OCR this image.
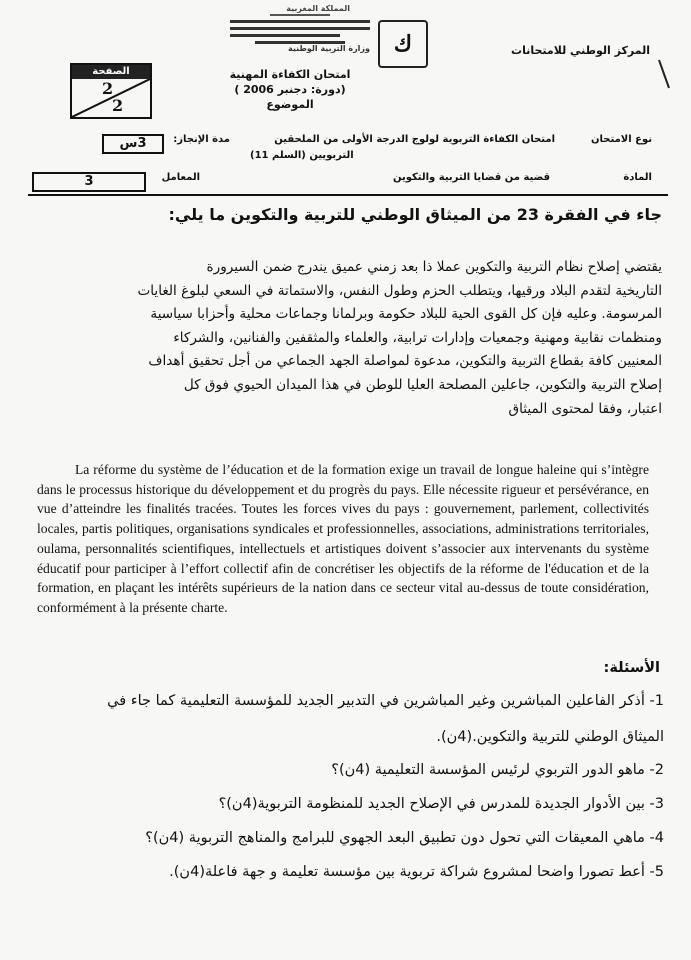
المملكة المغربية
وزارة التربية الوطنية ك	المركز الوطني للامتحانات
امتحان الكفاءة المهنية
(دورة: دجنبر 2006 )
الموضوع
الصفحة
2
2
نوع الامتحان
امتحان الكفاءة التربوية لولوج الدرجة الأولى من الملحقين
التربويين (السلم 11)
مدة الإنجاز:
3س
المادة
قضية من قضايا التربية والتكوين
المعامل
3
جاء في الفقرة 23 من الميثاق الوطني للتربية والتكوين ما يلي:
يقتضي إصلاح نظام التربية والتكوين عملا ذا بعد زمني عميق يندرج ضمن السيرورة
التاريخية لتقدم البلاد ورقيها، ويتطلب الحزم وطول النفس، والاستماتة في السعي لبلوغ الغايات
المرسومة. وعليه فإن كل القوى الحية للبلاد حكومة وبرلمانا وجماعات محلية وأحزابا سياسية
ومنظمات نقابية ومهنية وجمعيات وإدارات ترابية، والعلماء والمثقفين والفنانين، والشركاء
المعنيين كافة بقطاع التربية والتكوين، مدعوة لمواصلة الجهد الجماعي من أجل تحقيق أهداف
إصلاح التربية والتكوين، جاعلين المصلحة العليا للوطن في هذا الميدان الحيوي فوق كل
اعتبار، وفقا لمحتوى الميثاق
La réforme du système de l’éducation et de la formation exige un travail de longue haleine qui s’intègre dans le processus historique du développement et du progrès du pays. Elle nécessite rigueur et persévérance, en vue d’atteindre les finalités tracées. Toutes les forces vives du pays : gouvernement, parlement, collectivités locales, partis politiques, organisations syndicales et professionnelles, associations, administrations territoriales, oulama, personnalités scientifiques, intellectuels et artistiques doivent s’associer aux intervenants du système éducatif pour participer à l’effort collectif afin de concrétiser les objectifs de la réforme de l'éducation et de la formation, en plaçant les intérêts supérieurs de la nation dans ce secteur vital au-dessus de toute considération, conformément à la présente charte.
الأسئلة:
1- أذكر الفاعلين المباشرين وغير المباشرين في التدبير الجديد للمؤسسة التعليمية كما جاء في
الميثاق الوطني للتربية والتكوين.(4ن).
2- ماهو الدور التربوي لرئيس المؤسسة التعليمية (4ن)؟
3- بين الأدوار الجديدة للمدرس في الإصلاح الجديد للمنظومة التربوية(4ن)؟
4- ماهي المعيقات التي تحول دون تطبيق البعد الجهوي للبرامج والمناهج التربوية (4ن)؟
5- أعط تصورا واضحا لمشروع شراكة تربوية بين مؤسسة تعليمة و جهة فاعلة(4ن).
